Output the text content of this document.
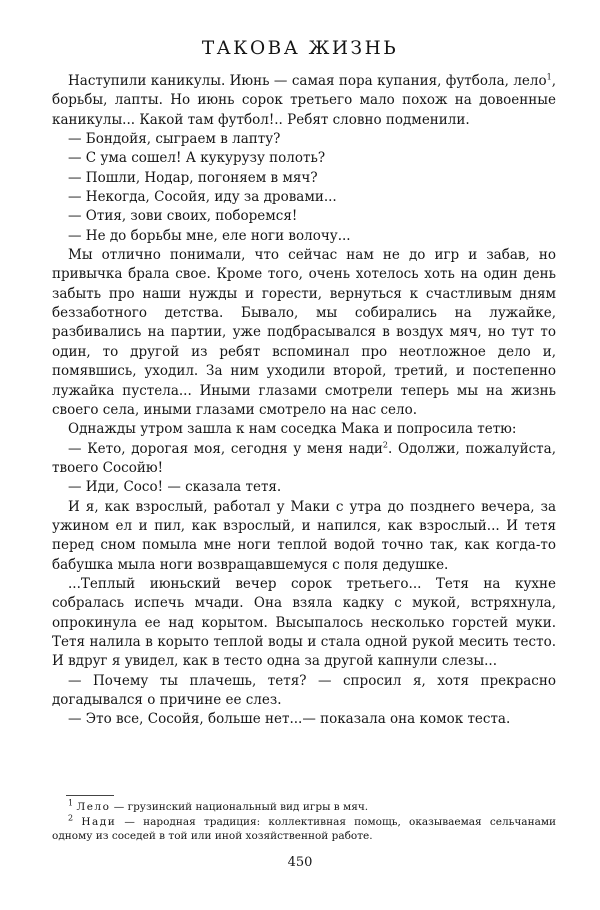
ТАКОВА ЖИЗНЬ

Наступили каникулы. Июнь — самая пора купания, футбола, лело$^1$, борьбы, лапты. Но июнь сорок третьего мало похож на довоенные каникулы... Какой там футбол!.. Ребят словно подменили.

— Бондойя, сыграем в лапту?

— С ума сошел! А кукурузу полоть?

— Пошли, Нодар, погоняем в мяч?

— Некогда, Сосойя, иду за дровами...

— Отия, зови своих, поборемся!

— Не до борьбы мне, еле ноги волочу...

Мы отлично понимали, что сейчас нам не до игр и забав, но привычка брала свое. Кроме того, очень хотелось хоть на один день забыть про наши нужды и горести, вернуться к счастливым дням беззаботного детства. Бывало, мы собирались на лужайке, разбивались на партии, уже подбрасывался в воздух мяч, но тут то один, то другой из ребят вспоминал про неотложное дело и, помявшись, уходил. За ним уходили второй, третий, и постепенно лужайка пустела... Иными глазами смотрели теперь мы на жизнь своего села, иными глазами смотрело на нас село.

Однажды утром зашла к нам соседка Мака и попросила тетю:

— Кето, дорогая моя, сегодня у меня нади$^2$. Одолжи, пожалуйста, твоего Сосойю!

— Иди, Сосо! — сказала тетя.

И я, как взрослый, работал у Маки с утра до позднего вечера, за ужином ел и пил, как взрослый, и напился, как взрослый... И тетя перед сном помыла мне ноги теплой водой точно так, как когда-то бабушка мыла ноги возвращавшемуся с поля дедушке.

...Теплый июньский вечер сорок третьего... Тетя на кухне собралась испечь мчади. Она взяла кадку с мукой, встряхнула, опрокинула ее над корытом. Высыпалось несколько горстей муки. Тетя налила в корыто теплой воды и стала одной рукой месить тесто. И вдруг я увидел, как в тесто одна за другой капнули слезы...

— Почему ты плачешь, тетя? — спросил я, хотя прекрасно догадывался о причине ее слез.

— Это все, Сосойя, больше нет...— показала она комок теста.

$^1$ Лело — грузинский национальный вид игры в мяч.

$^2$ Нади — народная традиция: коллективная помощь, оказываемая сельчанами одному из соседей в той или иной хозяйственной работе.

450
